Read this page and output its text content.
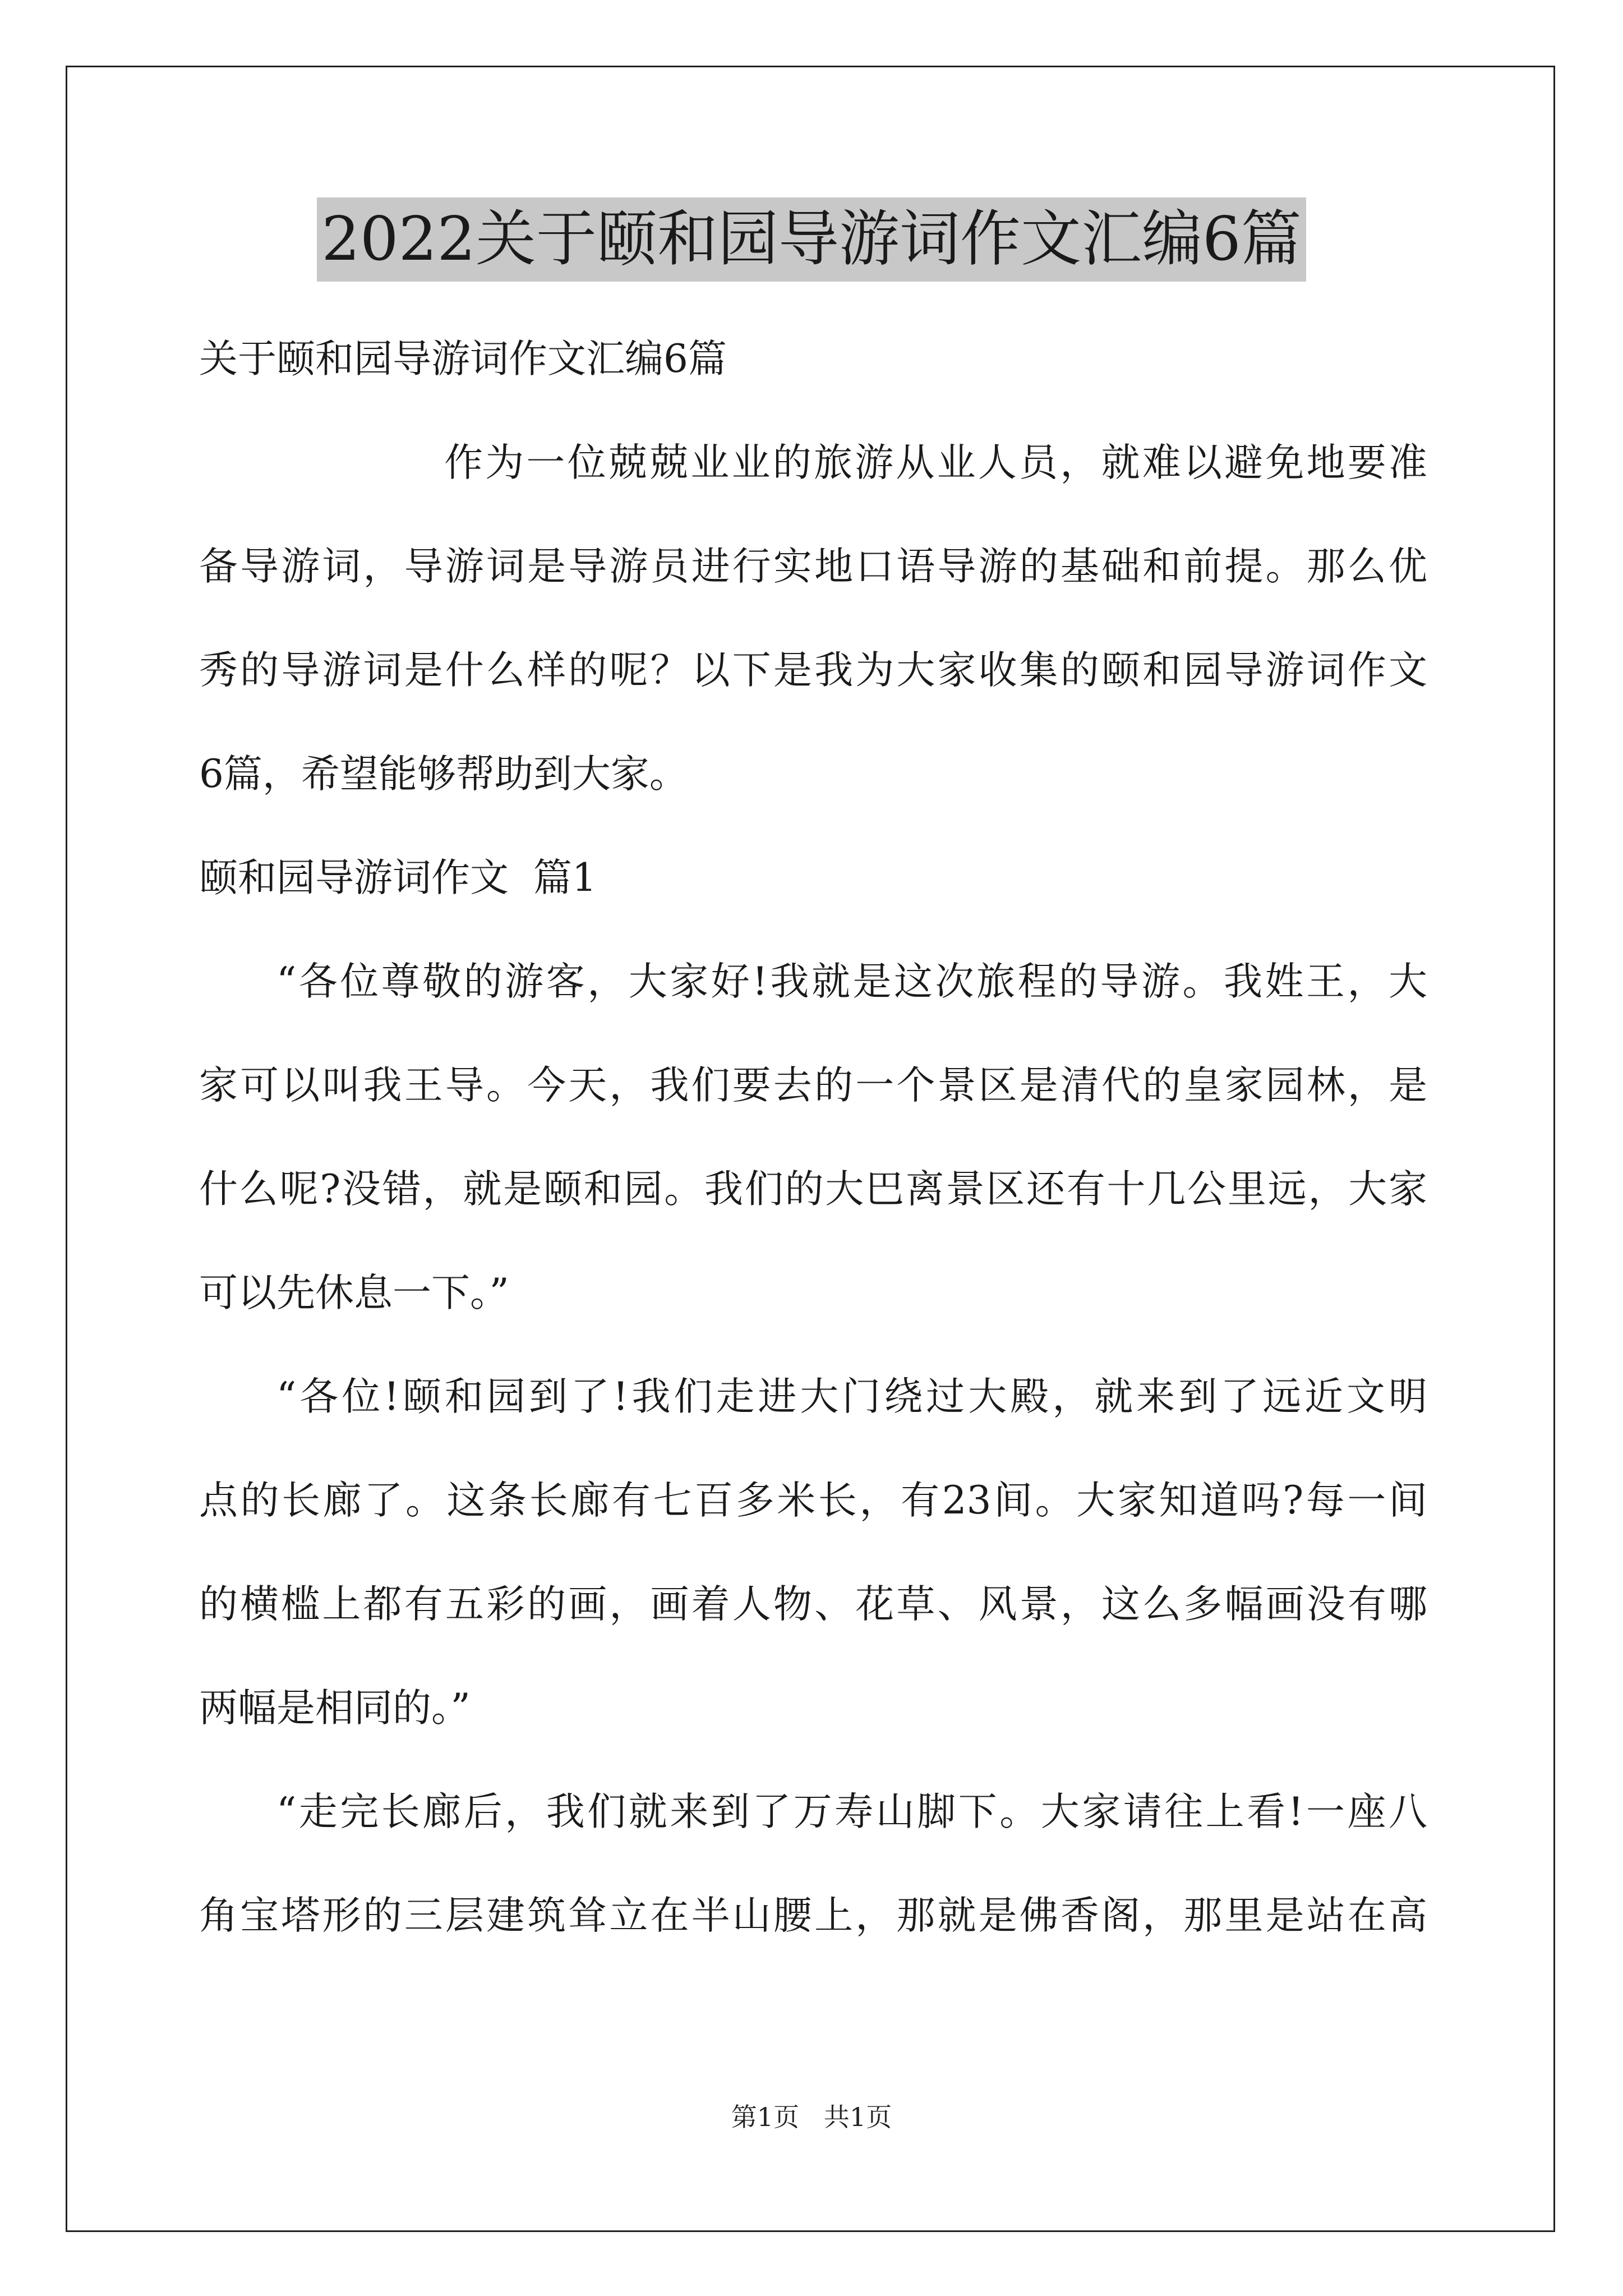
2022关于颐和园导游词作文汇编6篇

关于颐和园导游词作文汇编6篇

作为一位兢兢业业的旅游从业人员，就难以避免地要准

备导游词，导游词是导游员进行实地口语导游的基础和前提。那么优

秀的导游词是什么样的呢？以下是我为大家收集的颐和园导游词作文

6篇，希望能够帮助到大家。

颐和园导游词作文  篇1

“各位尊敬的游客，大家好!我就是这次旅程的导游。我姓王，大

家可以叫我王导。今天，我们要去的一个景区是清代的皇家园林，是

什么呢?没错，就是颐和园。我们的大巴离景区还有十几公里远，大家

可以先休息一下。”

“各位!颐和园到了!我们走进大门绕过大殿，就来到了远近文明

点的长廊了。这条长廊有七百多米长，有23间。大家知道吗?每一间

的横槛上都有五彩的画，画着人物、花草、风景，这么多幅画没有哪

两幅是相同的。”

“走完长廊后，我们就来到了万寿山脚下。大家请往上看!一座八

角宝塔形的三层建筑耸立在半山腰上，那就是佛香阁，那里是站在高

第1页   共1页
